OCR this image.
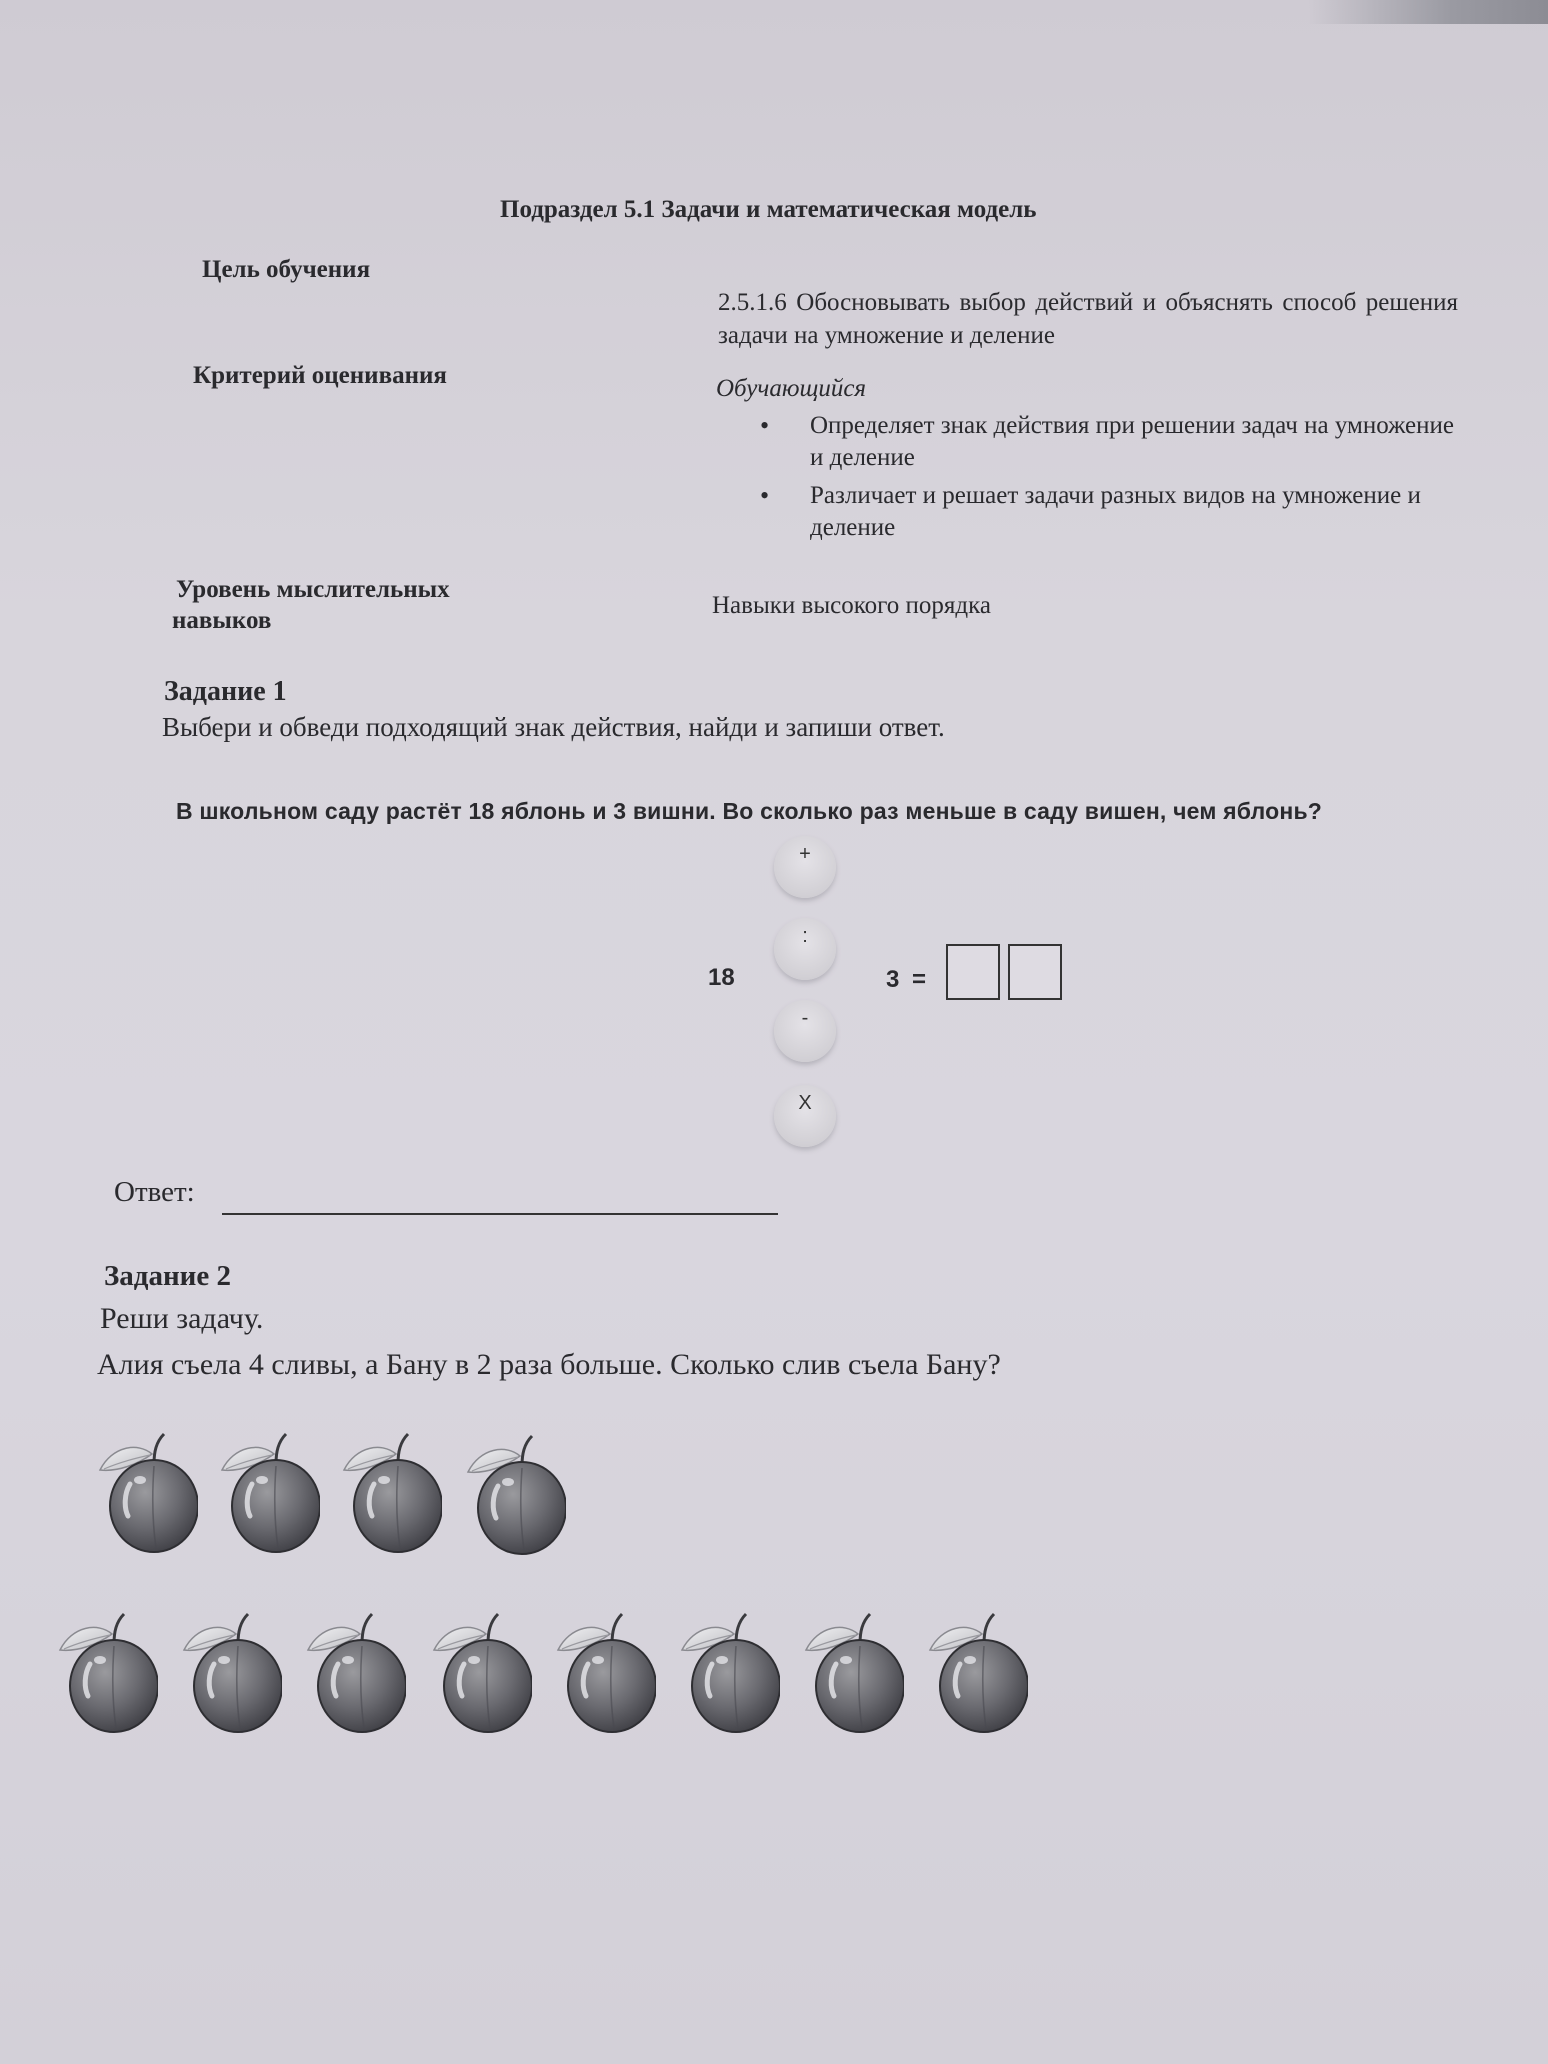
Подраздел 5.1 Задачи и математическая модель
Цель обучения
2.5.1.6 Обосновывать выбор действий и объяснять способ решения задачи на умножение и деление
Критерий оценивания	Обучающийся
• Определяет знак действия при решении задач на умножение и деление
• Различает и решает задачи разных видов на умножение и деление
Уровень мыслительных
навыков
Навыки высокого порядка
Задание 1
Выбери и обведи подходящий знак действия, найди и запиши ответ.
В школьном саду растёт 18 яблонь и 3 вишни. Во сколько раз меньше в саду вишен, чем яблонь?
+
:
-
X
18	3 =
Ответ:
Задание 2
Реши задачу.
Алия съела 4 сливы, а Бану в 2 раза больше. Сколько слив съела Бану?
